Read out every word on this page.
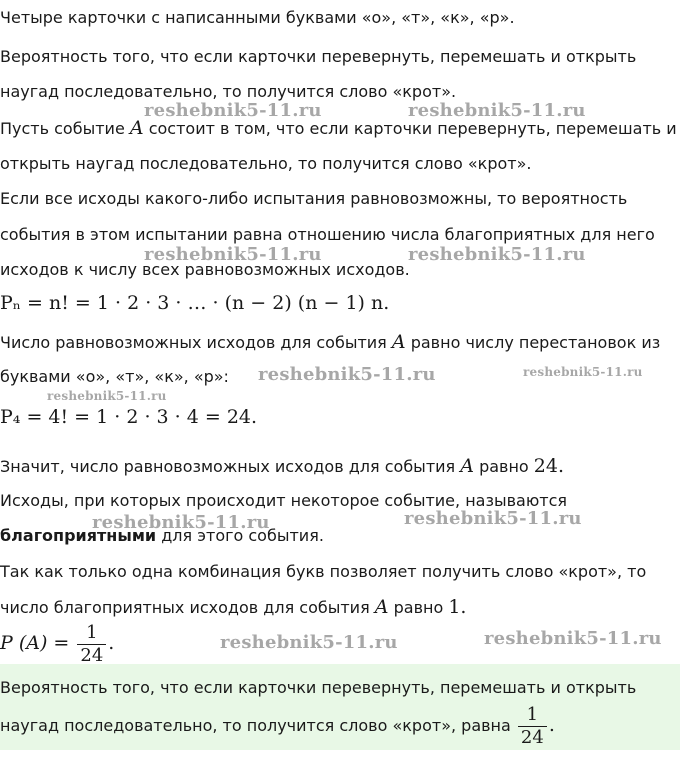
Четыре карточки с написанными буквами «о», «т», «к», «р».
Вероятность того, что если карточки перевернуть, перемешать и открыть
наугад последовательно, то получится слово «крот».
Пусть событие A состоит в том, что если карточки перевернуть, перемешать и
открыть наугад последовательно, то получится слово «крот».
Если все исходы какого-либо испытания равновозможны, то вероятность
события в этом испытании равна отношению числа благоприятных для него
исходов к числу всех равновозможных исходов.
Pₙ = n! = 1 · 2 · 3 · … · (n − 2) (n − 1) n.
Число равновозможных исходов для события A равно числу перестановок из
буквами «о», «т», «к», «р»:
P₄ = 4! = 1 · 2 · 3 · 4 = 24.
Значит, число равновозможных исходов для события A равно 24.
Исходы, при которых происходит некоторое событие, называются
благоприятными для этого события.
Так как только одна комбинация букв позволяет получить слово «крот», то
число благоприятных исходов для события A равно 1.
P $(A) = \frac{1}{24}$ .
Вероятность того, что если карточки перевернуть, перемешать и открыть
наугад последовательно, то получится слово «крот», равна $\frac{1}{24}$ .
reshebnik5-11.ru	reshebnik5-11.ru
reshebnik5-11.ru	reshebnik5-11.ru
reshebnik5-11.ru	reshebnik5-11.ru
reshebnik5-11.ru
reshebnik5-11.ru	reshebnik5-11.ru
reshebnik5-11.ru	reshebnik5-11.ru
